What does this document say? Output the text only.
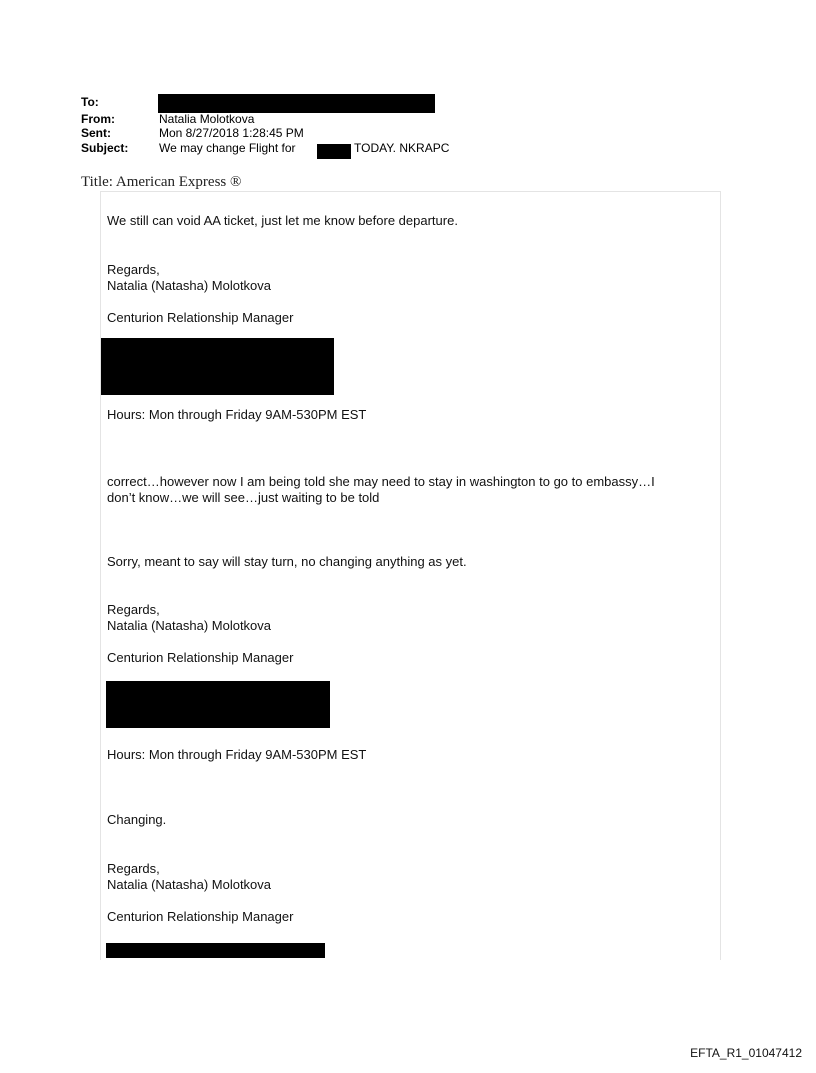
To:
From:	Natalia Molotkova
Sent:	Mon 8/27/2018 1:28:45 PM
Subject:	We may change Flight for	TODAY. NKRAPC
Title: American Express ®
We still can void AA ticket, just let me know before departure.
Regards,
Natalia (Natasha) Molotkova
Centurion Relationship Manager
Hours: Mon through Friday 9AM-530PM EST
correct…however now I am being told she may need to stay in washington to go to embassy…I
don’t know…we will see…just waiting to be told
Sorry, meant to say will stay turn, no changing anything as yet.
Regards,
Natalia (Natasha) Molotkova
Centurion Relationship Manager
Hours: Mon through Friday 9AM-530PM EST
Changing.
Regards,
Natalia (Natasha) Molotkova
Centurion Relationship Manager
EFTA_R1_01047412
